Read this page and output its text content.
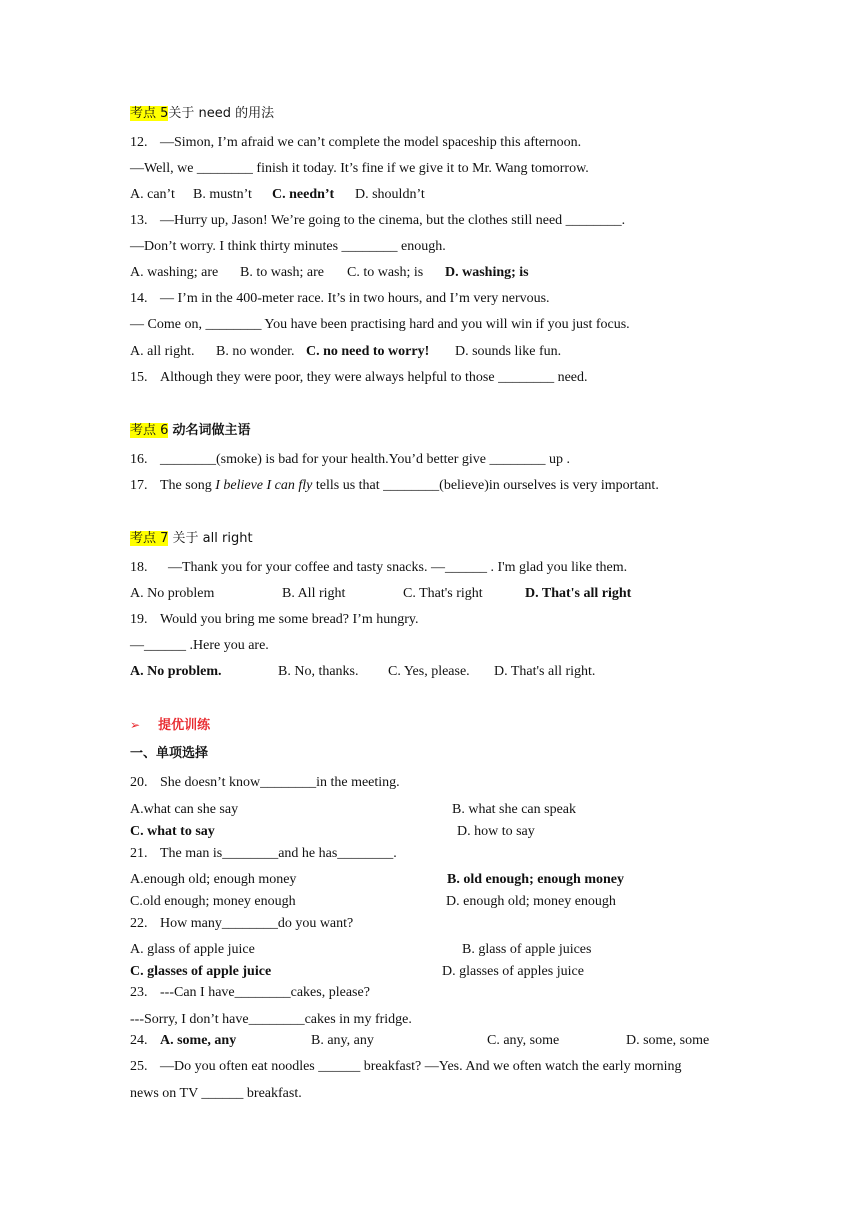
考点 5关于 need 的用法
12. —Simon, I’m afraid we can’t complete the model spaceship this afternoon.
—Well, we ________ finish it today. It’s fine if we give it to Mr. Wang tomorrow.
A. can’t B. mustn’t C. needn’t D. shouldn’t
13. —Hurry up, Jason! We’re going to the cinema, but the clothes still need ________.
—Don’t worry. I think thirty minutes ________ enough.
A. washing; are B. to wash; are C. to wash; is D. washing; is
14. — I’m in the 400-meter race. It’s in two hours, and I’m very nervous.
— Come on, ________ You have been practising hard and you will win if you just focus.
A. all right. B. no wonder. C. no need to worry! D. sounds like fun.
15. Although they were poor, they were always helpful to those ________ need.
考点 6 动名词做主语
16. ________(smoke) is bad for your health.You’d better give ________ up .
17. The song I believe I can fly tells us that ________(believe)in ourselves is very important.
考点 7 关于 all right
18. —Thank you for your coffee and tasty snacks. —______ . I'm glad you like them.
A. No problem	B. All right	C. That's right	D. That's all right
19. Would you bring me some bread? I’m hungry.
—______ .Here you are.
A. No problem.	B. No, thanks. C. Yes, please. D. That's all right.
➢ 提优训练
一、单项选择
20. She doesn’t know________in the meeting.
A.what can she say	B. what she can speak
C. what to say	D. how to say
21. The man is________and he has________.
A.enough old; enough money	B. old enough; enough money
C.old enough; money enough	D. enough old; money enough
22. How many________do you want?
A. glass of apple juice	B. glass of apple juices
C. glasses of apple juice	D. glasses of apples juice
23. ---Can I have________cakes, please?
---Sorry, I don’t have________cakes in my fridge.
24. A. some, any	B. any, any	C. any, some	D. some, some
25. —Do you often eat noodles ______ breakfast? —Yes. And we often watch the early morning
news on TV ______ breakfast.
